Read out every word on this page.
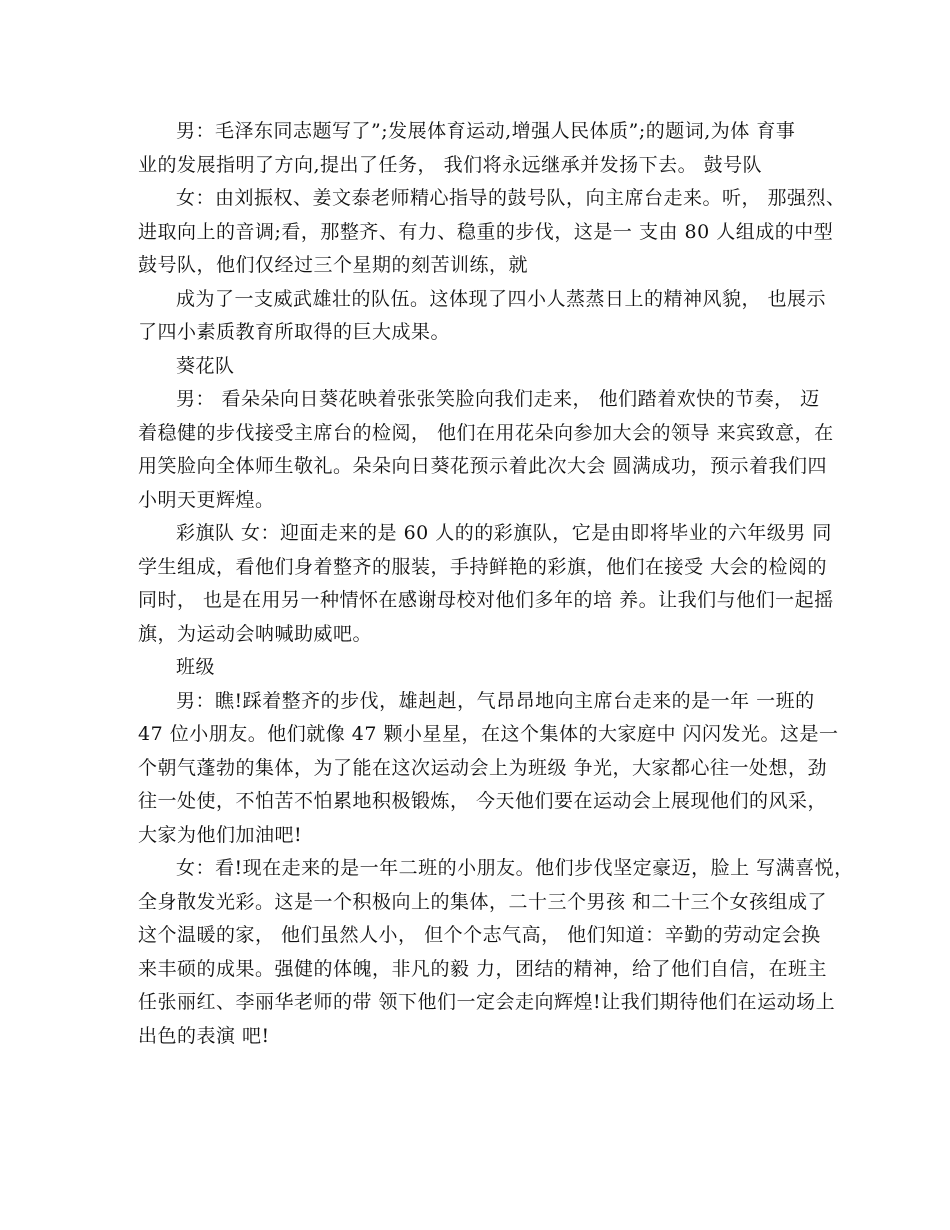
男：毛泽东同志题写了”;发展体育运动,增强人民体质”;的题词,为体 育事
业的发展指明了方向,提出了任务， 我们将永远继承并发扬下去。 鼓号队
女：由刘振权、姜文泰老师精心指导的鼓号队，向主席台走来。听， 那强烈、
进取向上的音调;看，那整齐、有力、稳重的步伐，这是一 支由 80 人组成的中型
鼓号队，他们仅经过三个星期的刻苦训练，就
成为了一支威武雄壮的队伍。这体现了四小人蒸蒸日上的精神风貌， 也展示
了四小素质教育所取得的巨大成果。
葵花队
男： 看朵朵向日葵花映着张张笑脸向我们走来， 他们踏着欢快的节奏， 迈
着稳健的步伐接受主席台的检阅， 他们在用花朵向参加大会的领导 来宾致意，在
用笑脸向全体师生敬礼。朵朵向日葵花预示着此次大会 圆满成功，预示着我们四
小明天更辉煌。
彩旗队 女：迎面走来的是 60 人的的彩旗队，它是由即将毕业的六年级男 同
学生组成，看他们身着整齐的服装，手持鲜艳的彩旗，他们在接受 大会的检阅的
同时， 也是在用另一种情怀在感谢母校对他们多年的培 养。让我们与他们一起摇
旗，为运动会呐喊助威吧。
班级
男：瞧!踩着整齐的步伐，雄赳赳，气昂昂地向主席台走来的是一年 一班的
47 位小朋友。他们就像 47 颗小星星，在这个集体的大家庭中 闪闪发光。这是一
个朝气蓬勃的集体，为了能在这次运动会上为班级 争光，大家都心往一处想，劲
往一处使，不怕苦不怕累地积极锻炼， 今天他们要在运动会上展现他们的风采，
大家为他们加油吧!
女：看!现在走来的是一年二班的小朋友。他们步伐坚定豪迈，脸上 写满喜悦，
全身散发光彩。这是一个积极向上的集体，二十三个男孩 和二十三个女孩组成了
这个温暖的家， 他们虽然人小， 但个个志气高， 他们知道：辛勤的劳动定会换
来丰硕的成果。强健的体魄，非凡的毅 力，团结的精神，给了他们自信，在班主
任张丽红、李丽华老师的带 领下他们一定会走向辉煌!让我们期待他们在运动场上
出色的表演 吧!
